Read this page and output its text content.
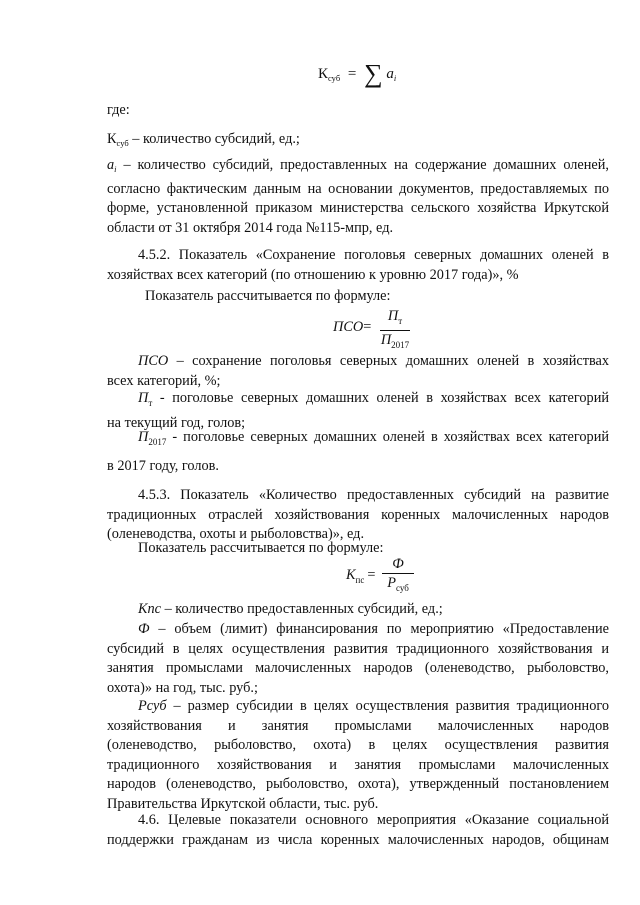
$К_{суб}$ = ∑ $a_i$

где:

$К_{суб}$ – количество субсидий, ед.;

$a_i$ – количество субсидий, предоставленных на содержание домашних оленей,

согласно фактическим данным на основании документов, предоставляемых по

форме, установленной приказом министерства сельского хозяйства Иркутской

области от 31 октября 2014 года №115-мпр, ед.

4.5.2. Показатель «Сохранение поголовья северных домашних оленей в

хозяйствах всех категорий (по отношению к уровню 2017 года)», %

Показатель рассчитывается по формуле:

ПСО=
$П_т$
$П_{2017}$

ПСО – сохранение поголовья северных домашних оленей в хозяйствах

всех категорий, %;

$П_т$ - поголовье северных домашних оленей в хозяйствах всех категорий

на текущий год, голов;

$П_{2017}$ - поголовье северных домашних оленей в хозяйствах всех категорий

в 2017 году, голов.

4.5.3. Показатель «Количество предоставленных субсидий на развитие

традиционных отраслей хозяйствования коренных малочисленных народов

(оленеводства, охоты и рыболовства)», ед.

Показатель рассчитывается по формуле:

$К_{пс}$ =
Ф
$Р_{суб}$

Кпс – количество предоставленных субсидий, ед.;

Ф – объем (лимит) финансирования по мероприятию «Предоставление

субсидий в целях осуществления развития традиционного хозяйствования и

занятия промыслами малочисленных народов (оленеводство, рыболовство,

охота)» на год, тыс. руб.;

Рсуб – размер субсидии в целях осуществления развития традиционного

хозяйствования и занятия промыслами малочисленных народов

(оленеводство, рыболовство, охота) в целях осуществления развития

традиционного хозяйствования и занятия промыслами малочисленных

народов (оленеводство, рыболовство, охота), утвержденный постановлением

Правительства Иркутской области, тыс. руб.

4.6. Целевые показатели основного мероприятия «Оказание социальной

поддержки гражданам из числа коренных малочисленных народов, общинам
